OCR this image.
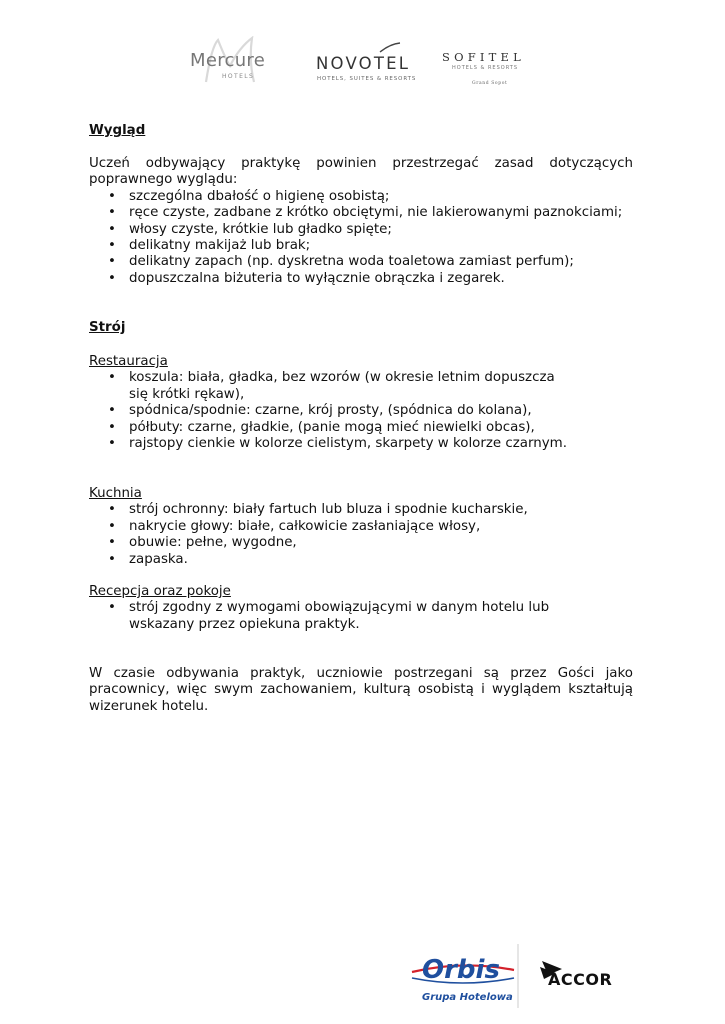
Mercure
HOTELS
NOVOTEL
HOTELS, SUITES & RESORTS
SOFITEL
HOTELS & RESORTS
Grand Sopot
Wygląd
Uczeń odbywający praktykę powinien przestrzegać zasad dotyczących
poprawnego wyglądu:
• szczególna dbałość o higienę osobistą;
• ręce czyste, zadbane z krótko obciętymi, nie lakierowanymi paznokciami;
• włosy czyste, krótkie lub gładko spięte;
• delikatny makijaż lub brak;
• delikatny zapach (np. dyskretna woda toaletowa zamiast perfum);
• dopuszczalna biżuteria to wyłącznie obrączka i zegarek.
Strój
Restauracja
• koszula: biała, gładka, bez wzorów (w okresie letnim dopuszcza się krótki rękaw),
• spódnica/spodnie: czarne, krój prosty, (spódnica do kolana),
• półbuty: czarne, gładkie, (panie mogą mieć niewielki obcas),
• rajstopy cienkie w kolorze cielistym, skarpety w kolorze czarnym.
Kuchnia
• strój ochronny: biały fartuch lub bluza i spodnie kucharskie,
• nakrycie głowy: białe, całkowicie zasłaniające włosy,
• obuwie: pełne, wygodne,
• zapaska.
Recepcja oraz pokoje
• strój zgodny z wymogami obowiązującymi w danym hotelu lub wskazany przez opiekuna praktyk.
W czasie odbywania praktyk, uczniowie postrzegani są przez Gości jako pracownicy, więc swym zachowaniem, kulturą osobistą i wyglądem kształtują wizerunek hotelu.
Orbis
Grupa Hotelowa
ACCOR
